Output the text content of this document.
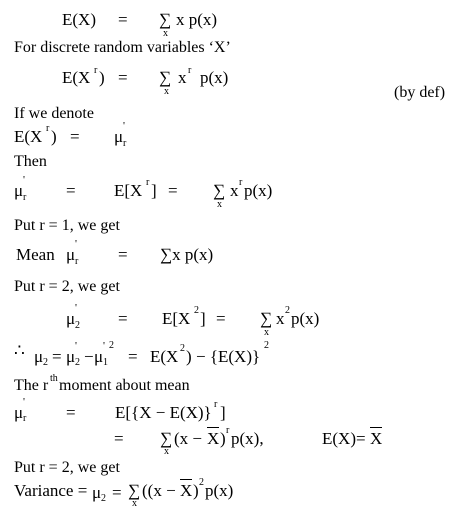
E(X) = ∑
x
x p(x)
For discrete random variables ‘X’
E(X r ) = ∑
x
x r p(x)
(by def)
If we denote
E(X r ) = μ
'
r
Then
μ
'
r = E[X r ] = ∑
x
x r p(x)
Put r = 1, we get
Mean μ
'
r = ∑x p(x)
Put r = 2, we get
μ
'
2 = E[X 2 ] = ∑
x
x 2 p(x)
∴ μ 2 = μ
'
2 − μ
'
1
2
= E(X 2 ) − {E(X)}
2
The r th moment about mean
μ
'
r = E[{X − E(X)} r ]
= ∑
x
(x − X ) r p(x),	E(X)= X
Put r = 2, we get
Variance = μ 2 = ∑
x
((x − X ) 2 p(x)
